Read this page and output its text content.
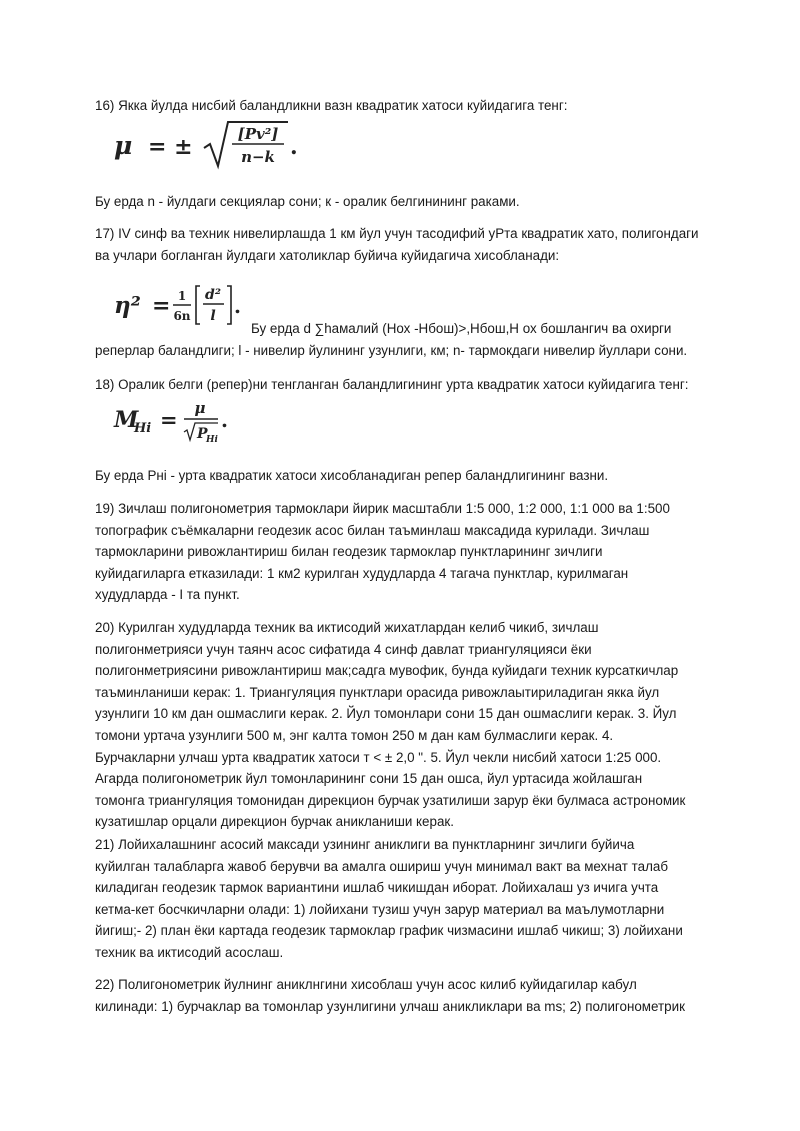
16) Якка йулда нисбий баландликни вазн квадратик хатоси куйидагига тенг:
μ = ±	[Pv²]
n−k .
Бу ерда n - йулдаги секциялар сони; к - оралик белгинининг раками.
17) IV синф ва техник нивелирлашда 1 км йул учун тасодифий уРта квадратик хато, полигондаги
ва учлари богланган йулдаги хатоликлар буйича куйидагича хисобланади:
η² = 1
6n
d²
l .
Бу ерда d ∑hамалий (Нох -Нбош)>,Нбош,Н ох бошлангич ва охирги
реперлар баландлиги; l - нивелир йулининг узунлиги, км; n- тармокдаги нивелир йуллари сони.
18) Оралик белги (репер)ни тенгланган баландлигининг урта квадратик хатоси куйидагига тенг:
M
Hi = μ
P
Hi
.
Бу ерда Рнi - урта квадратик хатоси хисобланадиган репер баландлигининг вазни.
19) Зичлаш полигонометрия тармоклари йирик масштабли 1:5 000, 1:2 000, 1:1 000 ва 1:500
топографик съёмкаларни геодезик асос билан таъминлаш максадида курилади. Зичлаш
тармокларини ривожлантириш билан геодезик тармоклар пунктларининг зичлиги
куйидагиларга етказилади: 1 км2 курилган худудларда 4 тагача пунктлар, курилмаган
худудларда - I та пункт.
20) Курилган худудларда техник ва иктисодий жихатлардан келиб чикиб, зичлаш
полигонметрияси учун таянч асос сифатида 4 синф давлат триангуляцияси ёки
полигонметриясини ривожлантириш мак;садга мувофик, бунда куйидаги техник курсаткичлар
таъминланиши керак: 1. Триангуляция пунктлари орасида ривожлаытириладиган якка йул
узунлиги 10 км дан ошмаслиги керак. 2. Йул томонлари сони 15 дан ошмаслиги керак. 3. Йул
томони уртача узунлиги 500 м, энг калта томон 250 м дан кам булмаслиги керак. 4.
Бурчакларни улчаш урта квадратик хатоси т < ± 2,0 ". 5. Йул чекли нисбий хатоси 1:25 000.
Агарда полигонометрик йул томонларининг сони 15 дан ошса, йул уртасида жойлашган
томонга триангуляция томонидан дирекцион бурчак узатилиши зарур ёки булмаса астрономик
кузатишлар орцали дирекцион бурчак аникланиши керак.
21) Лойихалашнинг асосий максади узининг аниклиги ва пунктларнинг зичлиги буйича
куйилган талабларга жавоб берувчи ва амалга ошириш учун минимал вакт ва мехнат талаб
киладиган геодезик тармок вариантини ишлаб чикишдан иборат. Лойихалаш уз ичига учта
кетма-кет босчкичларни олади: 1) лойихани тузиш учун зарур материал ва маълумотларни
йигиш;- 2) план ёки картада геодезик тармоклар график чизмасини ишлаб чикиш; 3) лойихани
техник ва иктисодий асослаш.
22) Полигонометрик йулнинг аниклнгини хисоблаш учун асос килиб куйидагилар кабул
килинади: 1) бурчаклар ва томонлар узунлигини улчаш аникликлари ва ms; 2) полигонометрик
